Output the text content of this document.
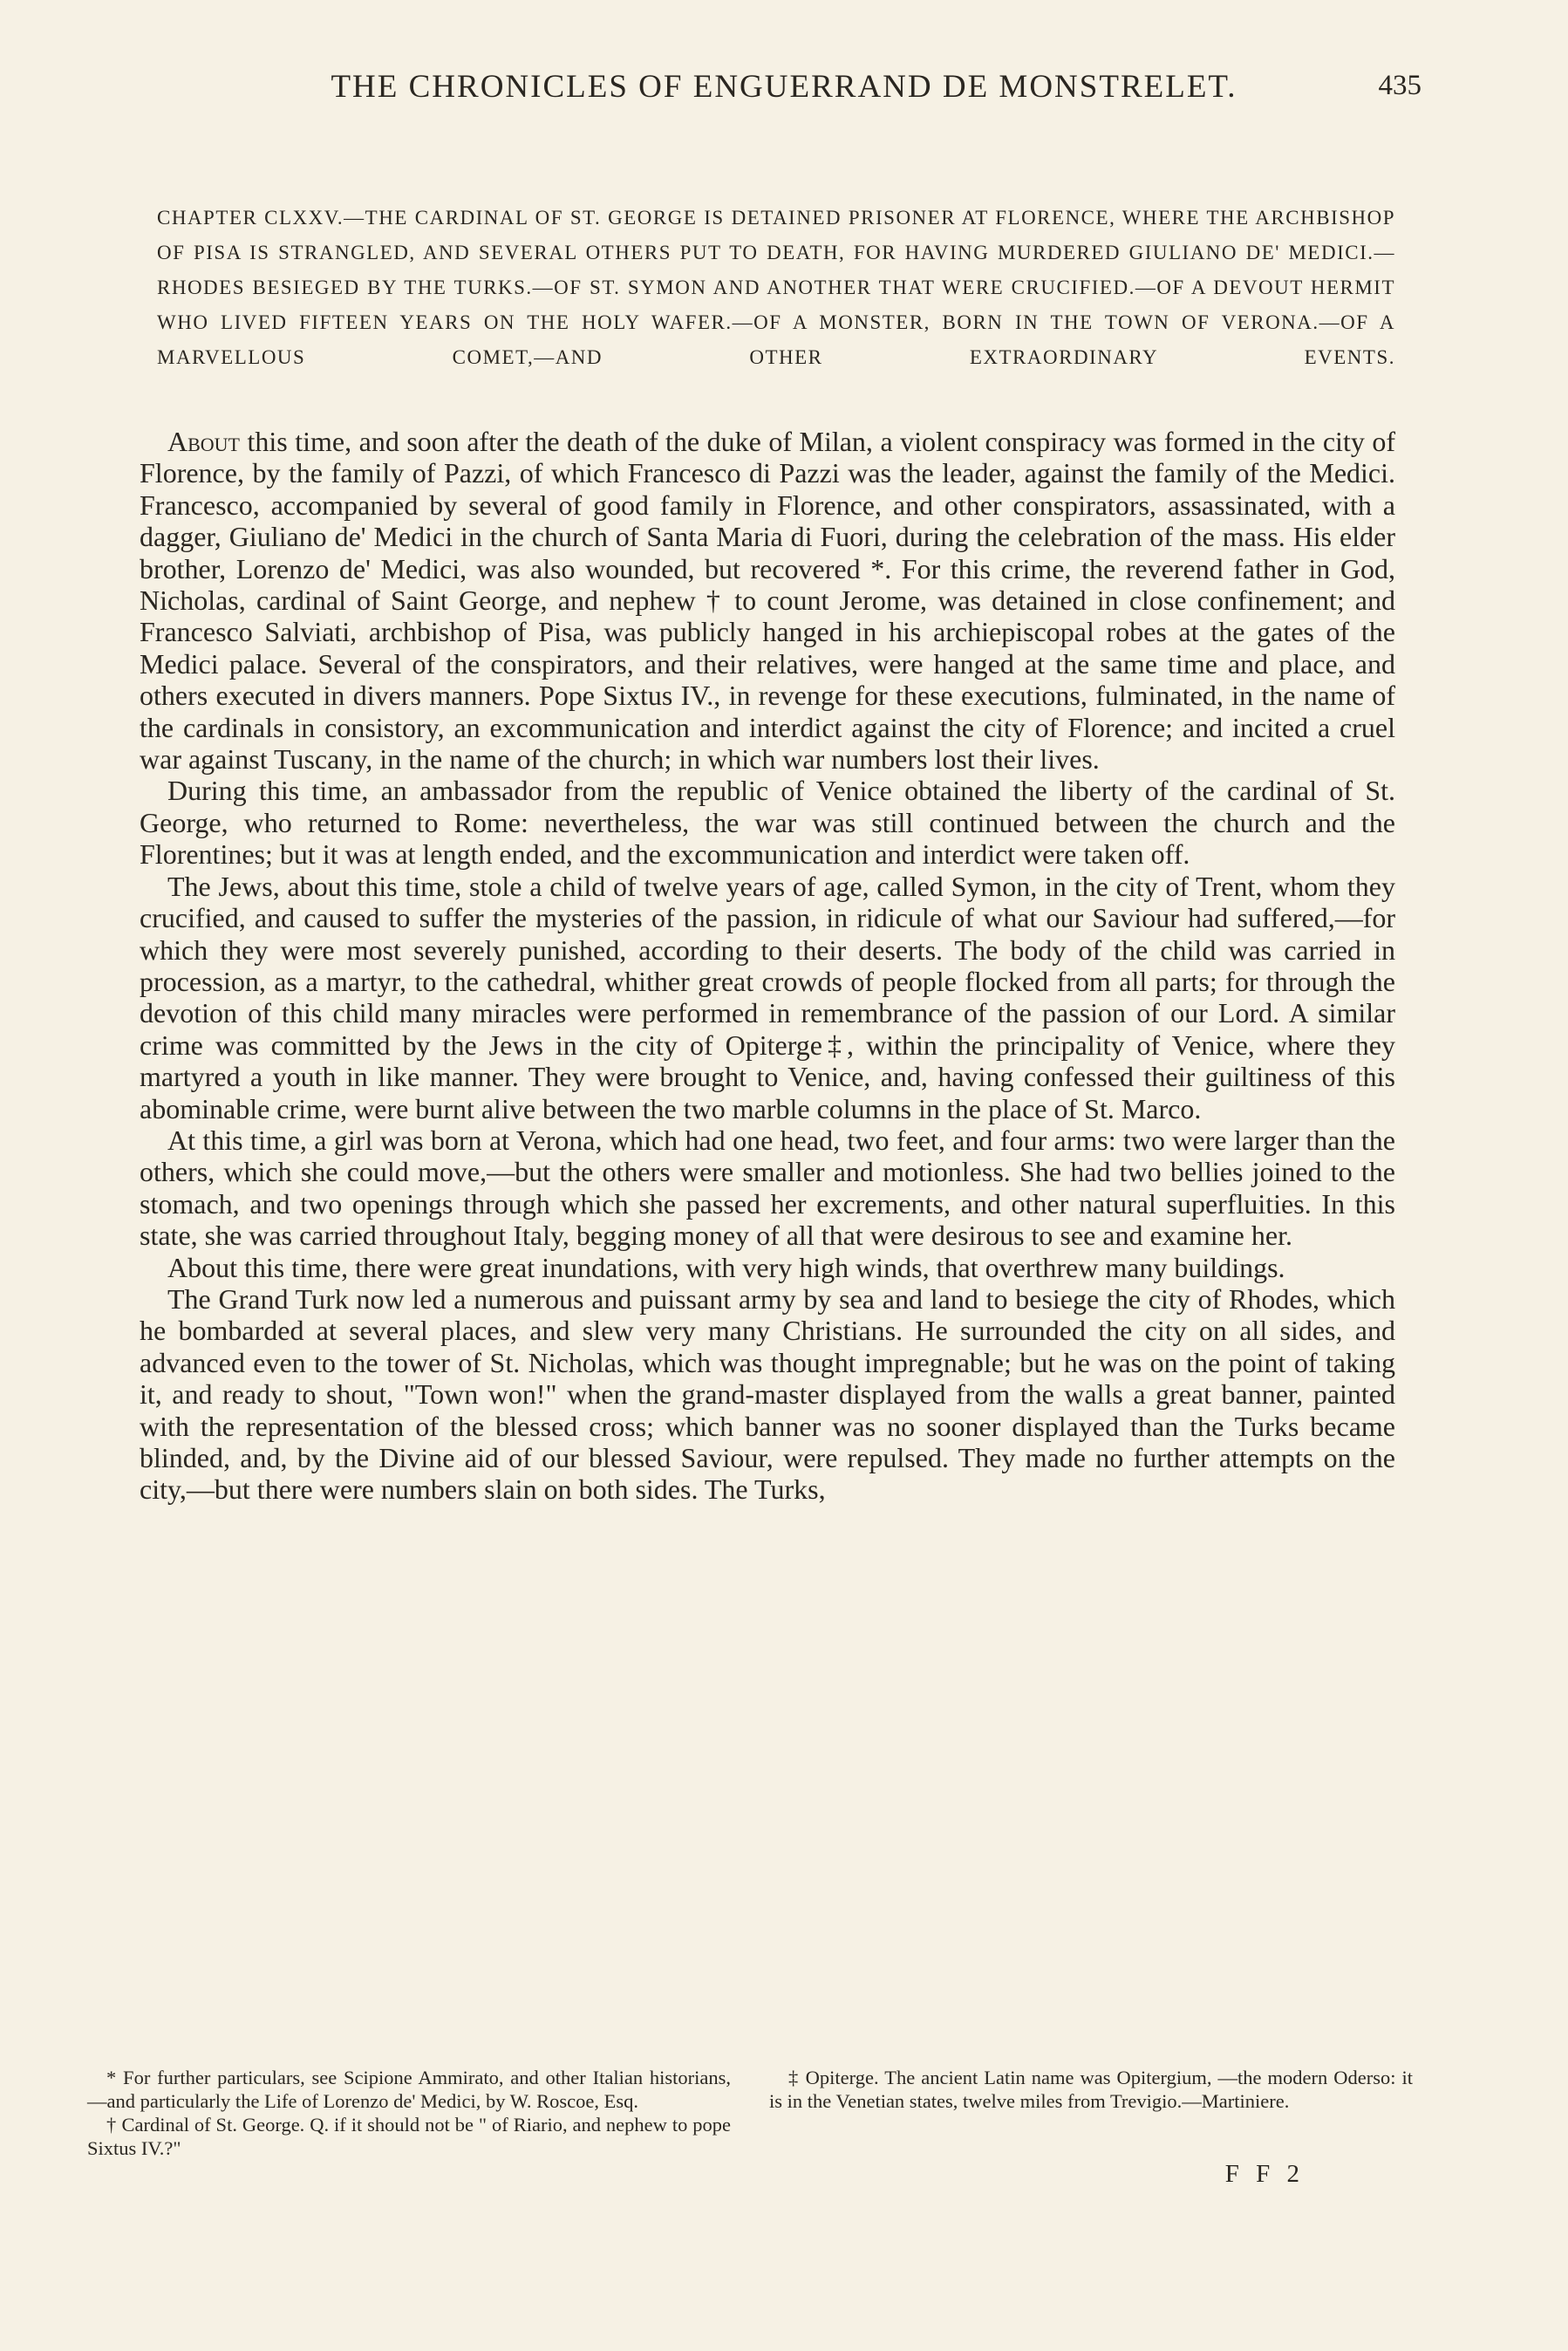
THE CHRONICLES OF ENGUERRAND DE MONSTRELET.	435
CHAPTER CLXXV.—THE CARDINAL OF ST. GEORGE IS DETAINED PRISONER AT FLORENCE, WHERE THE ARCHBISHOP OF PISA IS STRANGLED, AND SEVERAL OTHERS PUT TO DEATH, FOR HAVING MURDERED GIULIANO DE' MEDICI.—RHODES BESIEGED BY THE TURKS.—OF ST. SYMON AND ANOTHER THAT WERE CRUCIFIED.—OF A DEVOUT HERMIT WHO LIVED FIFTEEN YEARS ON THE HOLY WAFER.—OF A MONSTER, BORN IN THE TOWN OF VERONA.—OF A MARVELLOUS COMET,—AND OTHER EXTRAORDINARY EVENTS.

About this time, and soon after the death of the duke of Milan, a violent conspiracy was formed in the city of Florence, by the family of Pazzi, of which Francesco di Pazzi was the leader, against the family of the Medici. Francesco, accompanied by several of good family in Florence, and other conspirators, assassinated, with a dagger, Giuliano de' Medici in the church of Santa Maria di Fuori, during the celebration of the mass. His elder brother, Lorenzo de' Medici, was also wounded, but recovered *. For this crime, the reverend father in God, Nicholas, cardinal of Saint George, and nephew † to count Jerome, was detained in close confinement; and Francesco Salviati, archbishop of Pisa, was publicly hanged in his archiepiscopal robes at the gates of the Medici palace. Several of the conspirators, and their relatives, were hanged at the same time and place, and others executed in divers manners. Pope Sixtus IV., in revenge for these executions, fulminated, in the name of the cardinals in consistory, an excommunication and interdict against the city of Florence; and incited a cruel war against Tuscany, in the name of the church; in which war numbers lost their lives.

During this time, an ambassador from the republic of Venice obtained the liberty of the cardinal of St. George, who returned to Rome: nevertheless, the war was still continued between the church and the Florentines; but it was at length ended, and the excommunication and interdict were taken off.

The Jews, about this time, stole a child of twelve years of age, called Symon, in the city of Trent, whom they crucified, and caused to suffer the mysteries of the passion, in ridicule of what our Saviour had suffered,—for which they were most severely punished, according to their deserts. The body of the child was carried in procession, as a martyr, to the cathedral, whither great crowds of people flocked from all parts; for through the devotion of this child many miracles were performed in remembrance of the passion of our Lord. A similar crime was committed by the Jews in the city of Opiterge‡, within the principality of Venice, where they martyred a youth in like manner. They were brought to Venice, and, having confessed their guiltiness of this abominable crime, were burnt alive between the two marble columns in the place of St. Marco.

At this time, a girl was born at Verona, which had one head, two feet, and four arms: two were larger than the others, which she could move,—but the others were smaller and motionless. She had two bellies joined to the stomach, and two openings through which she passed her excrements, and other natural superfluities. In this state, she was carried throughout Italy, begging money of all that were desirous to see and examine her.

About this time, there were great inundations, with very high winds, that overthrew many buildings.

The Grand Turk now led a numerous and puissant army by sea and land to besiege the city of Rhodes, which he bombarded at several places, and slew very many Christians. He surrounded the city on all sides, and advanced even to the tower of St. Nicholas, which was thought impregnable; but he was on the point of taking it, and ready to shout, "Town won!" when the grand-master displayed from the walls a great banner, painted with the representation of the blessed cross; which banner was no sooner displayed than the Turks became blinded, and, by the Divine aid of our blessed Saviour, were repulsed. They made no further attempts on the city,—but there were numbers slain on both sides. The Turks,

* For further particulars, see Scipione Ammirato, and other Italian historians,—and particularly the Life of Lorenzo de' Medici, by W. Roscoe, Esq.

† Cardinal of St. George. Q. if it should not be " of Riario, and nephew to pope Sixtus IV.?"

‡ Opiterge. The ancient Latin name was Opitergium, —the modern Oderso: it is in the Venetian states, twelve miles from Trevigio.—Martiniere.

F F 2
